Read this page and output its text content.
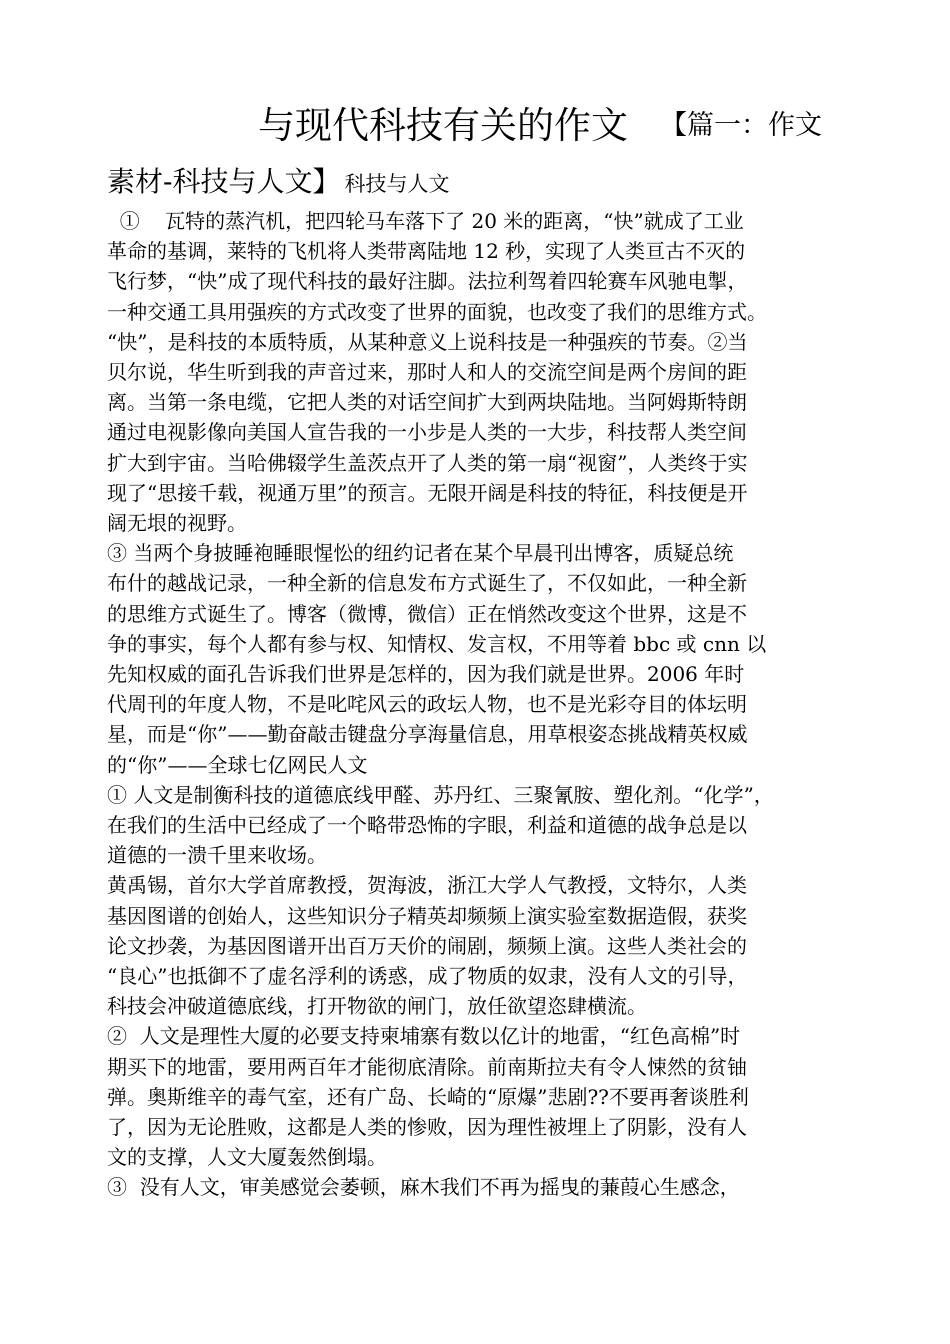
与现代科技有关的作文 【篇一：作文
素材-科技与人文】 科技与人文
①    瓦特的蒸汽机，把四轮马车落下了 20 米的距离，“快”就成了工业
革命的基调，莱特的飞机将人类带离陆地 12 秒，实现了人类亘古不灭的
飞行梦，“快”成了现代科技的最好注脚。法拉利驾着四轮赛车风驰电掣，
一种交通工具用强疾的方式改变了世界的面貌，也改变了我们的思维方式。
“快”，是科技的本质特质，从某种意义上说科技是一种强疾的节奏。②当
贝尔说，华生听到我的声音过来，那时人和人的交流空间是两个房间的距
离。当第一条电缆，它把人类的对话空间扩大到两块陆地。当阿姆斯特朗
通过电视影像向美国人宣告我的一小步是人类的一大步，科技帮人类空间
扩大到宇宙。当哈佛辍学生盖茨点开了人类的第一扇“视窗”，人类终于实
现了“思接千载，视通万里”的预言。无限开阔是科技的特征，科技便是开
阔无垠的视野。
③ 当两个身披睡袍睡眼惺忪的纽约记者在某个早晨刊出博客，质疑总统
布什的越战记录，一种全新的信息发布方式诞生了，不仅如此，一种全新
的思维方式诞生了。博客（微博，微信）正在悄然改变这个世界，这是不
争的事实，每个人都有参与权、知情权、发言权，不用等着 bbc 或 cnn 以
先知权威的面孔告诉我们世界是怎样的，因为我们就是世界。2006 年时
代周刊的年度人物，不是叱咤风云的政坛人物，也不是光彩夺目的体坛明
星，而是“你”——勤奋敲击键盘分享海量信息，用草根姿态挑战精英权威
的“你”——全球七亿网民人文
① 人文是制衡科技的道德底线甲醛、苏丹红、三聚氰胺、塑化剂。“化学”，
在我们的生活中已经成了一个略带恐怖的字眼，利益和道德的战争总是以
道德的一溃千里来收场。
黄禹锡，首尔大学首席教授，贺海波，浙江大学人气教授，文特尔，人类
基因图谱的创始人，这些知识分子精英却频频上演实验室数据造假，获奖
论文抄袭，为基因图谱开出百万天价的闹剧，频频上演。这些人类社会的
“良心”也抵御不了虚名浮利的诱惑，成了物质的奴隶，没有人文的引导，
科技会冲破道德底线，打开物欲的闸门，放任欲望恣肆横流。
②  人文是理性大厦的必要支持柬埔寨有数以亿计的地雷，“红色高棉”时
期买下的地雷，要用两百年才能彻底清除。前南斯拉夫有令人悚然的贫铀
弹。奥斯维辛的毒气室，还有广岛、长崎的“原爆”悲剧??不要再奢谈胜利
了，因为无论胜败，这都是人类的惨败，因为理性被埋上了阴影，没有人
文的支撑，人文大厦轰然倒塌。
③  没有人文，审美感觉会萎顿，麻木我们不再为摇曳的蒹葭心生感念，
